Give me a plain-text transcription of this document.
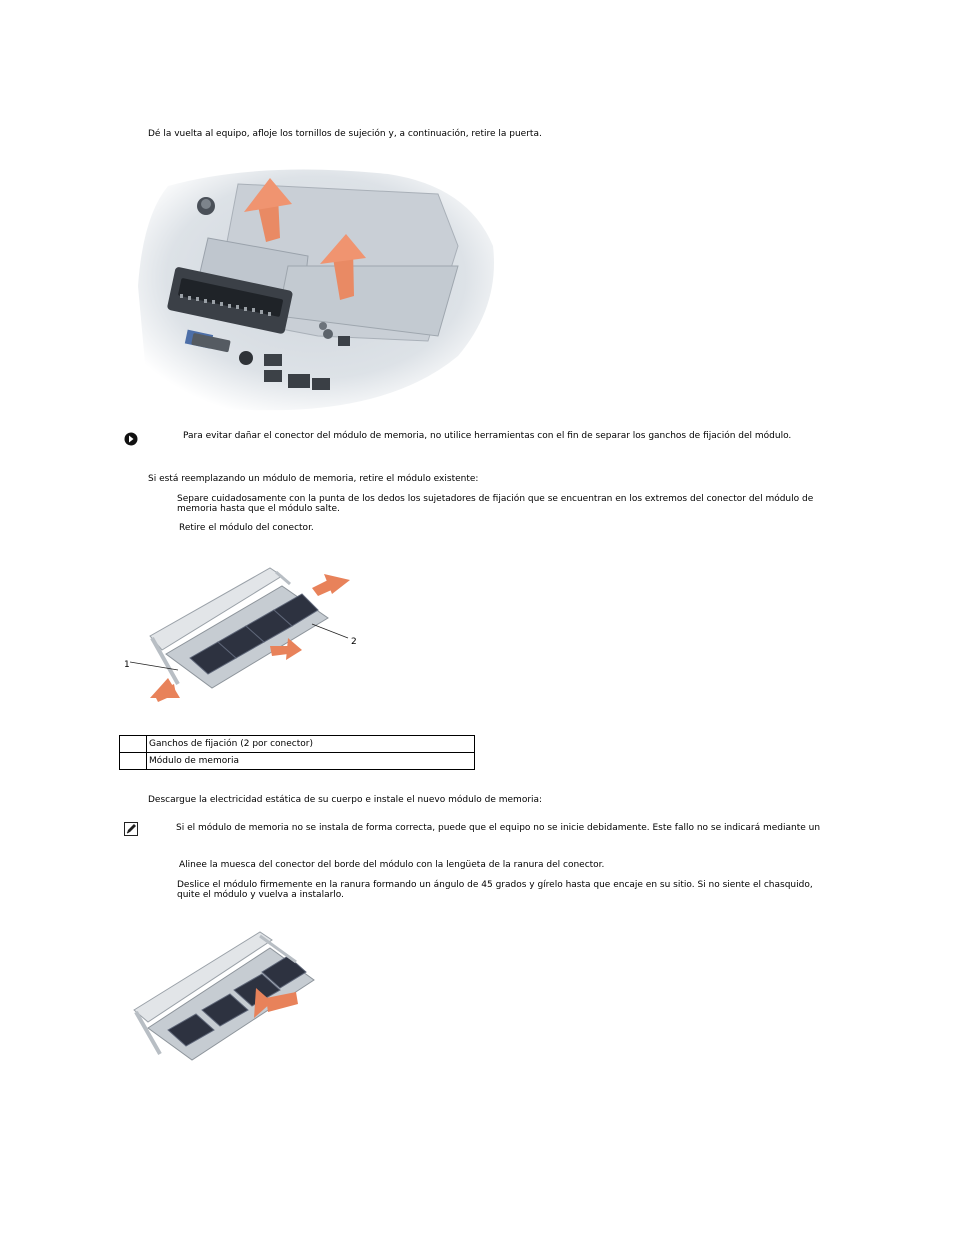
Dé la vuelta al equipo, afloje los tornillos de sujeción y, a continuación, retire la puerta.
Para evitar dañar el conector del módulo de memoria, no utilice herramientas con el fin de separar los ganchos de fijación del módulo.
Si está reemplazando un módulo de memoria, retire el módulo existente:
Separe cuidadosamente con la punta de los dedos los sujetadores de fijación que se encuentran en los extremos del conector del módulo de memoria hasta que el módulo salte.
Retire el módulo del conector.
2
1
	Ganchos de fijación (2 por conector)
	Módulo de memoria
Descargue la electricidad estática de su cuerpo e instale el nuevo módulo de memoria:
Si el módulo de memoria no se instala de forma correcta, puede que el equipo no se inicie debidamente. Este fallo no se indicará mediante un
Alinee la muesca del conector del borde del módulo con la lengüeta de la ranura del conector.
Deslice el módulo firmemente en la ranura formando un ángulo de 45 grados y gírelo hasta que encaje en su sitio. Si no siente el chasquido, quite el módulo y vuelva a instalarlo.
